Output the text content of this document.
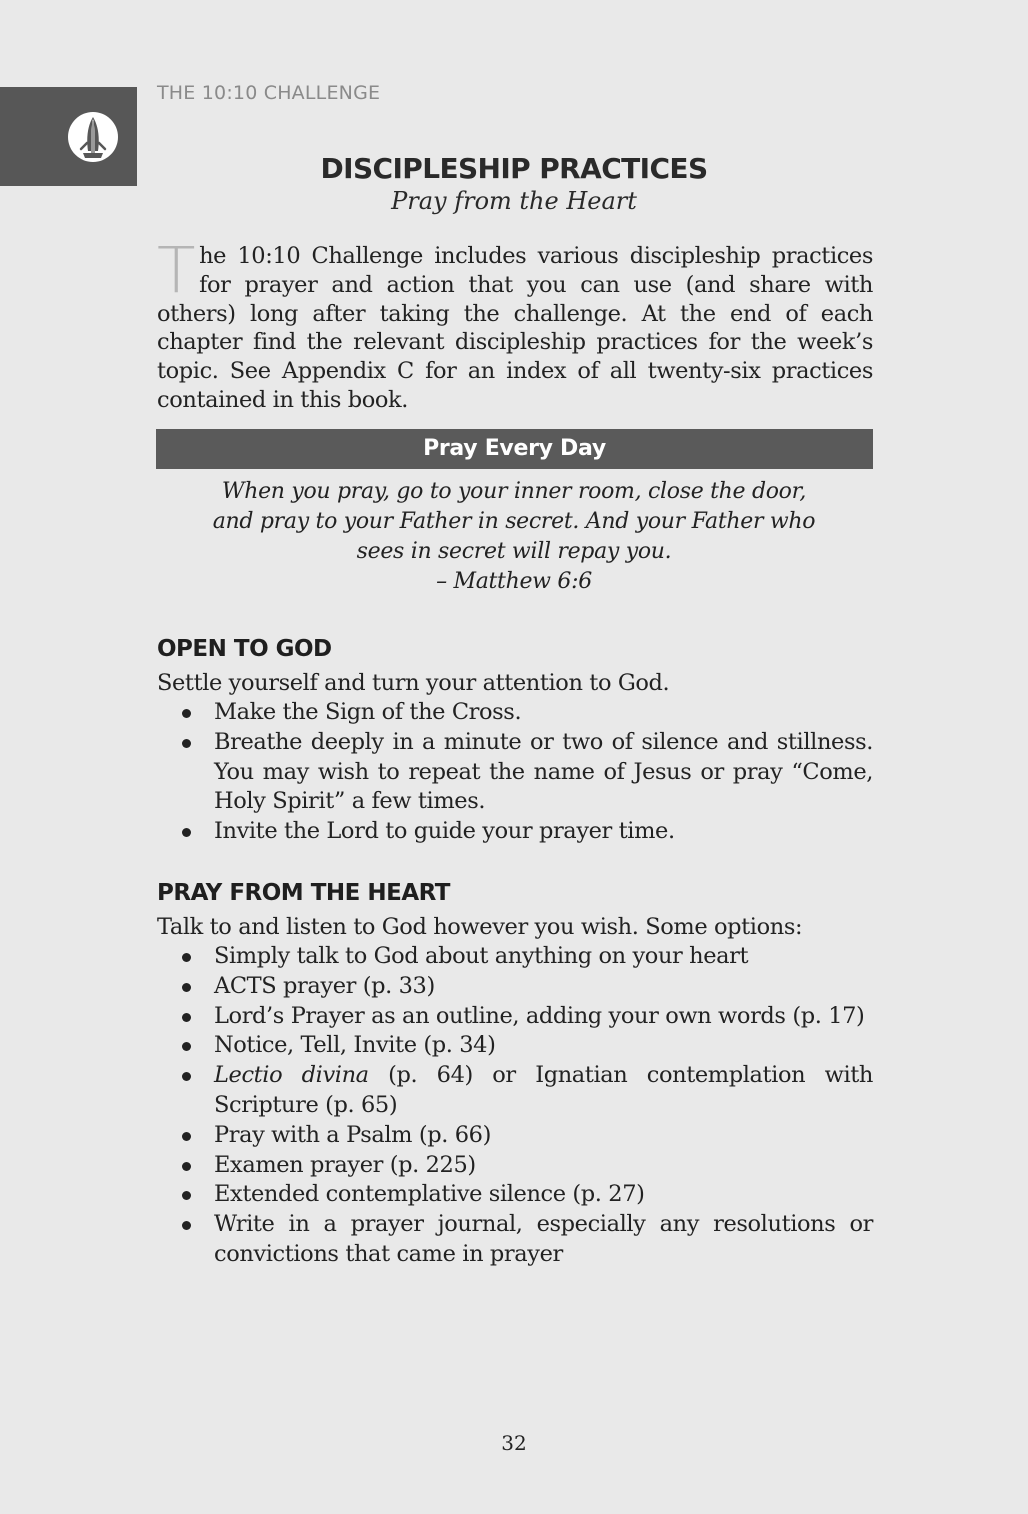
THE 10:10 CHALLENGE
DISCIPLESHIP PRACTICES
Pray from the Heart

The 10:10 Challenge includes various discipleship practices for prayer and action that you can use (and share with others) long after taking the challenge. At the end of each chapter find the relevant discipleship practices for the week’s topic. See Appendix C for an index of all twenty-six practices contained in this book.

Pray Every Day
When you pray, go to your inner room, close the door,
and pray to your Father in secret. And your Father who
sees in secret will repay you.
– Matthew 6:6
OPEN TO GOD

Settle yourself and turn your attention to God.

Make the Sign of the Cross.
Breathe deeply in a minute or two of silence and stillness. You may wish to repeat the name of Jesus or pray “Come, Holy Spirit” a few times.
Invite the Lord to guide your prayer time.
PRAY FROM THE HEART

Talk to and listen to God however you wish. Some options:

Simply talk to God about anything on your heart
ACTS prayer (p. 33)
Lord’s Prayer as an outline, adding your own words (p. 17)
Notice, Tell, Invite (p. 34)
Lectio divina (p. 64) or Ignatian contemplation with Scripture (p. 65)
Pray with a Psalm (p. 66)
Examen prayer (p. 225)
Extended contemplative silence (p. 27)
Write in a prayer journal, especially any resolutions or convictions that came in prayer
32
